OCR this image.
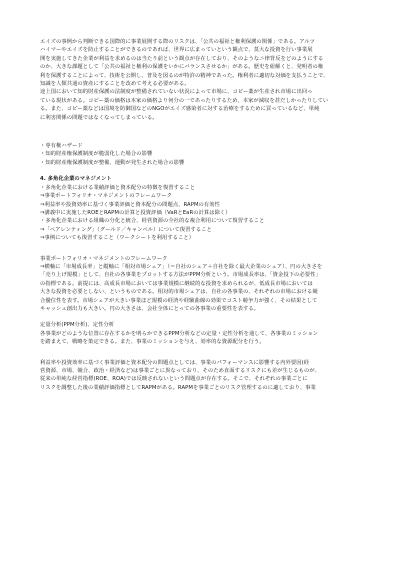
エイズの事例から判断できる国際的に事業展開する際のリスクは、「公共の福祉と権利保護の関係」である。アルツ
ハイマーやエイズを防止することができるのであれば、世界に広まっていという観点で、莫大な投資を行い事業展
開を実施してきた企業が利益を求めるのは当たり前という観点が存在しており、そのようなニ律背反をどのようにする
のか、大きな課題として「公共の福祉と権利の保護をいかにバランスさせるか」がある。歴史を紐解くと、発明者の権
利を保護することによって、技術を公開し、普及を図るのが特許の精神であった。権利者に適切な対価を支払うことで、
知識を人類共通の資産にすることを改めて考える必要がある。
途上国において知的財産保護の法制度が整備されていない状況によって市場に、コピー薬が生産され市場に出回っ
ている現状がある。コピー薬の価格は本家の価格より何分の一であったりするため、本家が減収を甚だしかったりしてい
る。また、コピー薬などは国境を防御国などのNGOがエイズ感染者に対する治療をするために買っているなど、単純
に利害関係の問題ではなくなってしまっている。
・専有権ハザード
・知的財産権保護制度が脆弱化した場合の影響
・知的財産権保護制度が整備、運動が発生された場合の影響
4. 多角化企業のマネジメント
・多角化企業における業績評価と資本配分の特徴を復習すること
⇒事業ポートフォリオ・マネジメントのフレームワーク
⇒利益率や投資効率に基づく事業評価と資本配分の問題点、RAPMの有効性
⇒講義中に実施したROEとRAPMの計算と投資評価（VaRとEaRの計算は除く）
・多角化企業における組織の分化と統合、経営資源の全社的な複合利用について復習すること
⇒「ペアレンティング」（グールド／キャンベル）について復習すること
⇒事例についても復習すること（ワークシートを利用すること）
事業ポートフォリオ・マネジメントのフレームワーク
⇒横軸に「市場成長率」と縦軸に「相対市場シェア」（＝自社のシェア＋自社を除く最大企業のシェア）、円の大きさを
「売り上げ規模」として、自社の各事業をプロットする方法がPPM分析という。市場成長率は、「資金投下の必要性」
の指標である。前提には、高成長市場においては事業規模に継続的な投資を求められるが、低成長市場においては
大きな投資を必要としない、というものである。相対的市場シェアは、自社の各事業の、それぞれの市場における競
合優位性を表す。市場シェアが大きい事業ほど規模の経済や経験曲線の効果でコスト競争力が強く、その結果として
キャッシュ創出力も大きい。円の大きさは、会社全体にとっての各事業の重要性を表する。
定量分析(PPM分析)、定性分析
各事業がどのような位置に存在するかを明らかできるPPM分析などの定量・定性分析を通して、各事業のミッション
を踏まえて、戦略を策定できる。また、事業のミッションを与え、効率的な資源配分を行う。
利益率や投資効率に基づく事業評価と資本配分の問題点としては、事業のパフォーマンスに影響する内外要因(経
営資源、市場、競合、政治・経済など)は事業ごとに異なっており、そのため直面するリスクにも差が生じるものが、
従来の単純な経営指標(ROE、ROA)では反映されないという問題点が存在する。そこで、それぞれの事業ごとに
リスクを調整した後の業績評価指標としてRAPMがある。RAPMを事業ごとのリスク管理するのに適しており、事業
